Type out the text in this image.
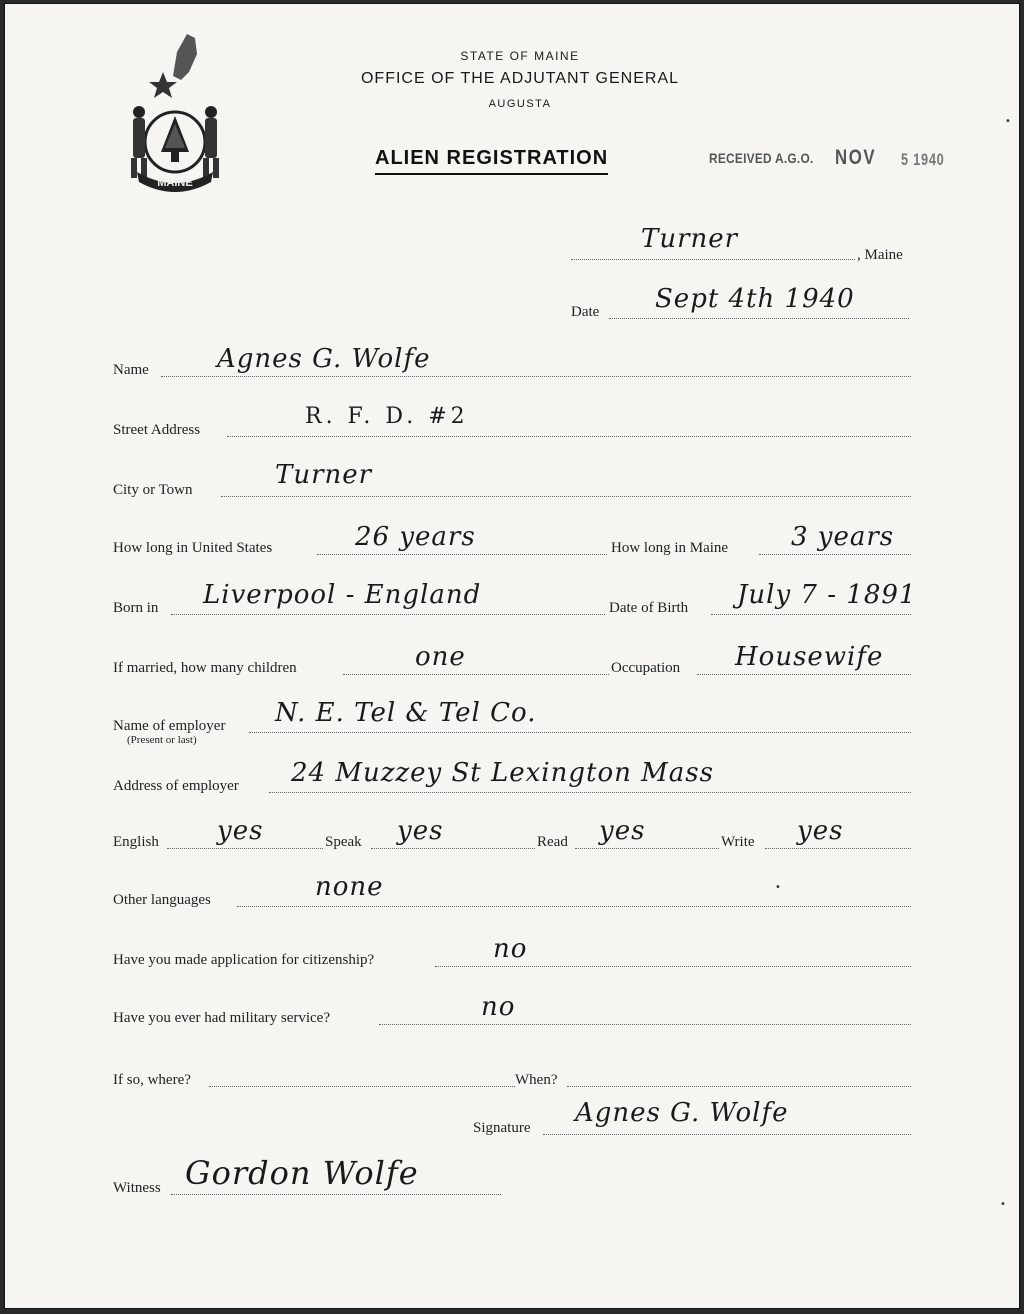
MAINE
STATE OF MAINE
OFFICE OF THE ADJUTANT GENERAL
AUGUSTA
ALIEN REGISTRATION	RECEIVED A.G.O. NOV 5 1940
Turner
, Maine
Date Sept 4th 1940
Name	Agnes G. Wolfe
Street Address
R. F. D. #2
City or Town	Turner
How long in United States	26 years	How long in Maine 3 years
Born in Liverpool - England	Date of Birth July 7 - 1891
If married, how many children	one	Occupation Housewife
Name of employer
(Present or last)
N. E. Tel & Tel Co.
Address of employer 24 Muzzey St Lexington Mass
English yes	Speak yes	Read yes	Write yes
Other languages	none
Have you made application for citizenship?	no
Have you ever had military service?	no
If so, where?	When?
Signature Agnes G. Wolfe
Witness Gordon Wolfe
•
•
•
